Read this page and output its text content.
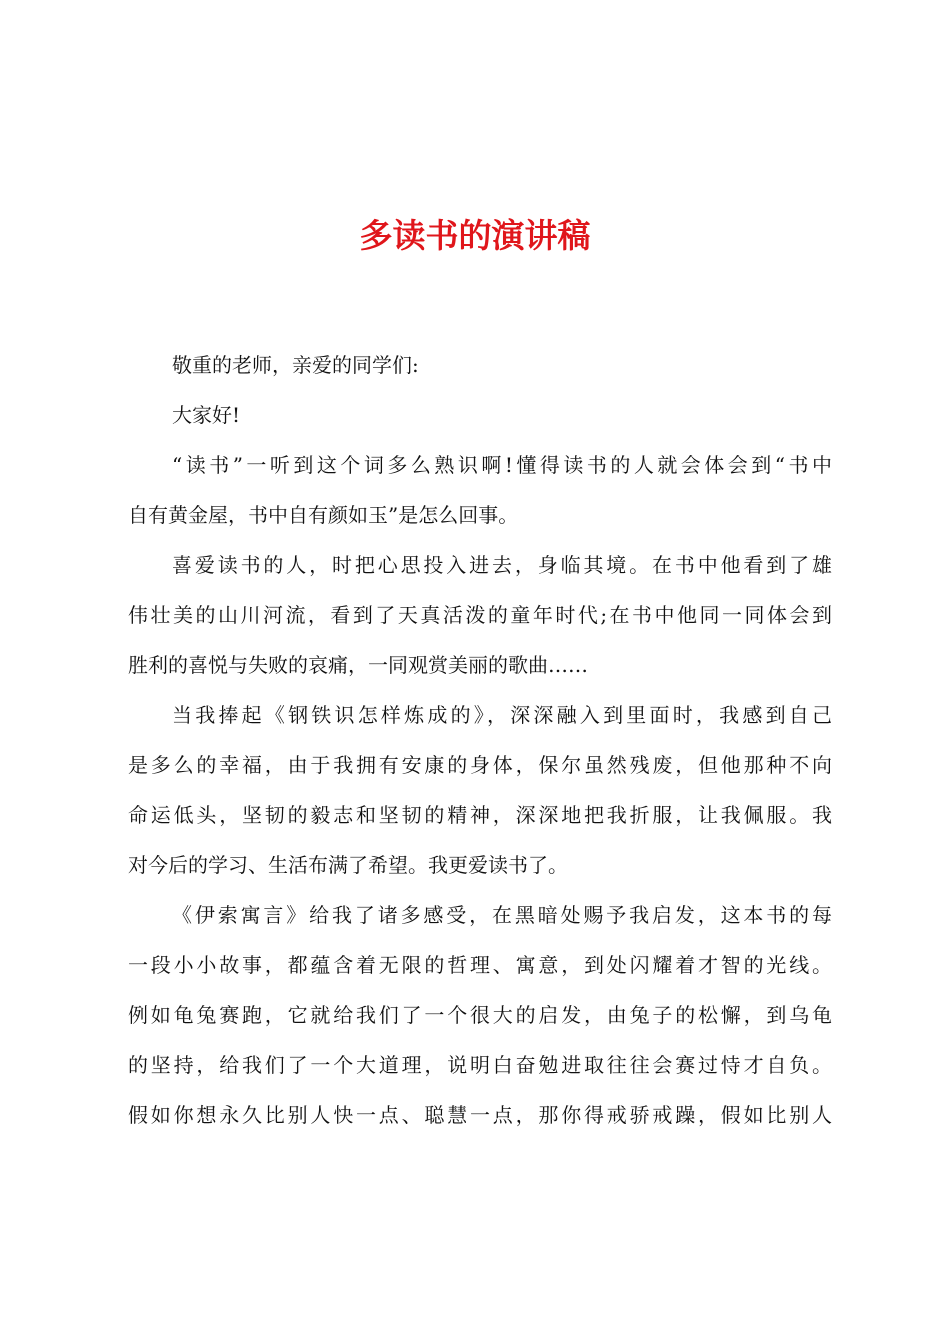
多读书的演讲稿
敬重的老师，亲爱的同学们:
大家好!
“读书”一听到这个词多么熟识啊!懂得读书的人就会体会到“书中
自有黄金屋，书中自有颜如玉”是怎么回事。
喜爱读书的人，时把心思投入进去，身临其境。在书中他看到了雄
伟壮美的山川河流，看到了天真活泼的童年时代;在书中他同一同体会到
胜利的喜悦与失败的哀痛，一同观赏美丽的歌曲……
当我捧起《钢铁识怎样炼成的》，深深融入到里面时，我感到自己
是多么的幸福，由于我拥有安康的身体，保尔虽然残废，但他那种不向
命运低头，坚韧的毅志和坚韧的精神，深深地把我折服，让我佩服。我
对今后的学习、生活布满了希望。我更爱读书了。
《伊索寓言》给我了诸多感受，在黑暗处赐予我启发，这本书的每
一段小小故事，都蕴含着无限的哲理、寓意，到处闪耀着才智的光线。
例如龟兔赛跑，它就给我们了一个很大的启发，由兔子的松懈，到乌龟
的坚持，给我们了一个大道理，说明白奋勉进取往往会赛过恃才自负。
假如你想永久比别人快一点、聪慧一点，那你得戒骄戒躁，假如比别人
